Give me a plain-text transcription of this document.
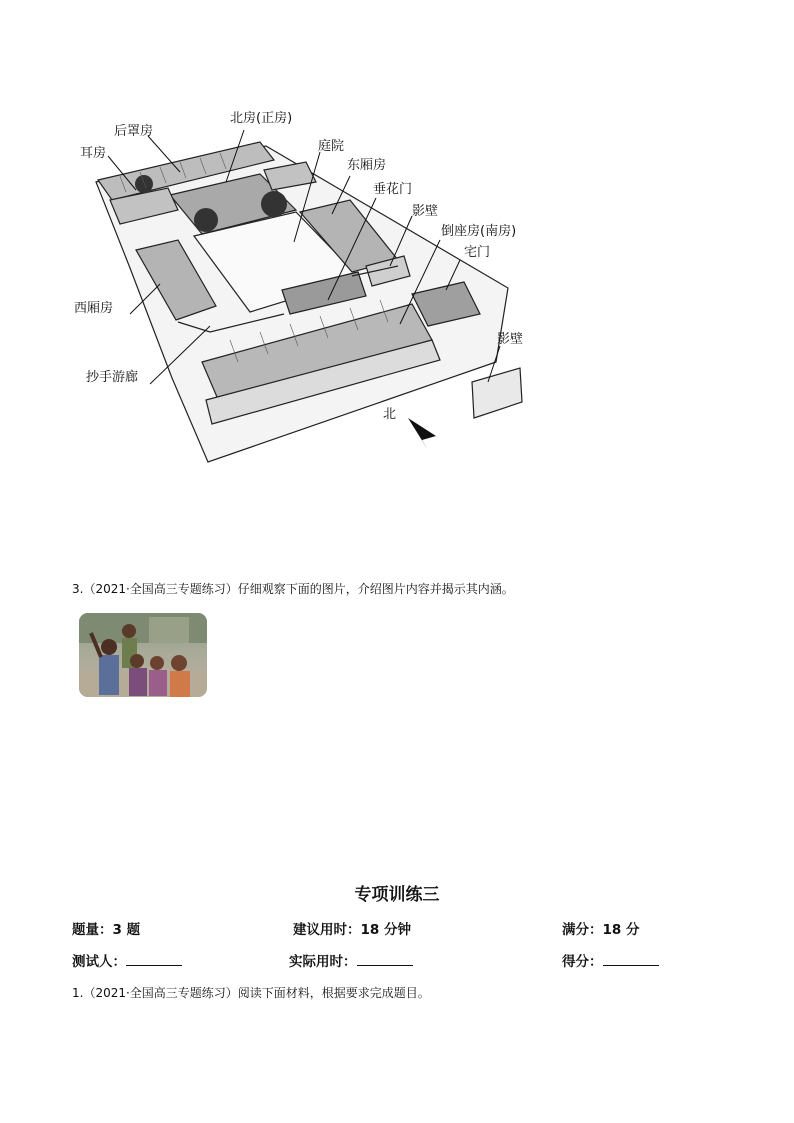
后罩房
北房(正房)
耳房	庭院
东厢房
垂花门
影壁
倒座房(南房)
宅门
西厢房
影壁
抄手游廊
北
3.（2021·全国高三专题练习）仔细观察下面的图片，介绍图片内容并揭示其内涵。
专项训练三
题量：3 题	建议用时：18 分钟	满分：18 分
测试人：	实际用时：	得分：
1.（2021·全国高三专题练习）阅读下面材料，根据要求完成题目。
